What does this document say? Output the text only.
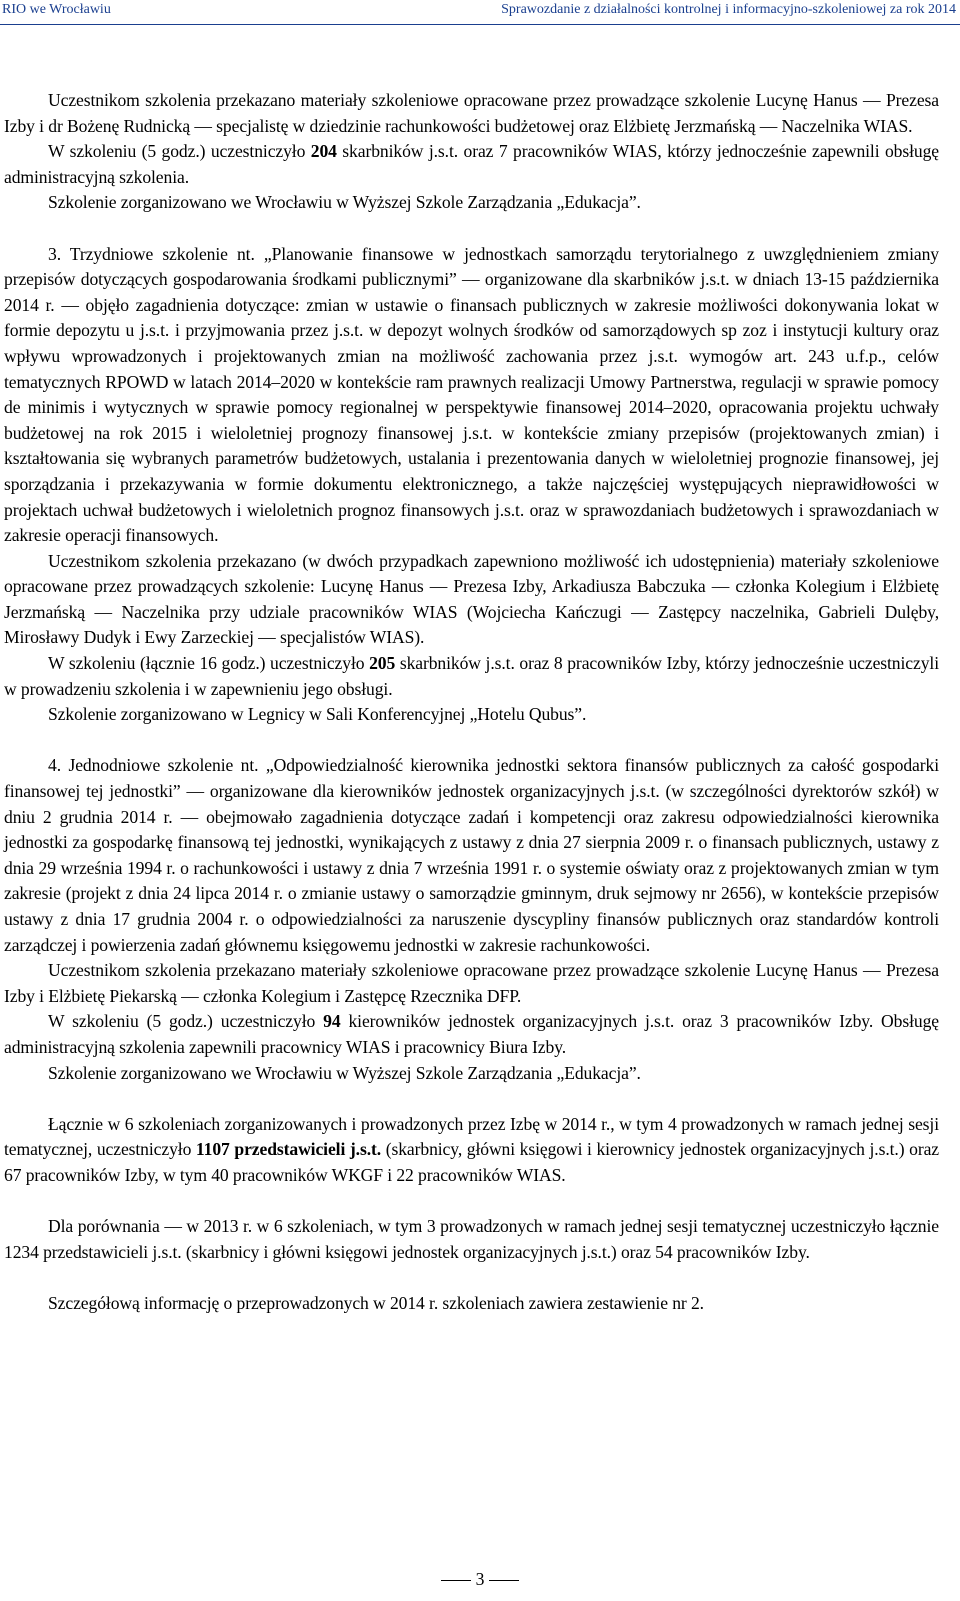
RIO we Wrocławiu	Sprawozdanie z działalności kontrolnej i informacyjno-szkoleniowej za rok 2014

Uczestnikom szkolenia przekazano materiały szkoleniowe opracowane przez prowadzące szkolenie Lucynę Hanus — Prezesa Izby i dr Bożenę Rudnicką — specjalistę w dziedzinie rachunkowości budżetowej oraz Elżbietę Jerzmańską — Naczelnika WIAS.

W szkoleniu (5 godz.) uczestniczyło 204 skarbników j.s.t. oraz 7 pracowników WIAS, którzy jednocześnie zapewnili obsługę administracyjną szkolenia.

Szkolenie zorganizowano we Wrocławiu w Wyższej Szkole Zarządzania „Edukacja”.

3. Trzydniowe szkolenie nt. „Planowanie finansowe w jednostkach samorządu terytorialnego z uwzględnieniem zmiany przepisów dotyczących gospodarowania środkami publicznymi” — organizowane dla skarbników j.s.t. w dniach 13-15 października 2014 r. — objęło zagadnienia dotyczące: zmian w ustawie o finansach publicznych w zakresie możliwości dokonywania lokat w formie depozytu u j.s.t. i przyjmowania przez j.s.t. w depozyt wolnych środków od samorządowych sp zoz i instytucji kultury oraz wpływu wprowadzonych i projektowanych zmian na możliwość zachowania przez j.s.t. wymogów art. 243 u.f.p., celów tematycznych RPOWD w latach 2014–2020 w kontekście ram prawnych realizacji Umowy Partnerstwa, regulacji w sprawie pomocy de minimis i wytycznych w sprawie pomocy regionalnej w perspektywie finansowej 2014–2020, opracowania projektu uchwały budżetowej na rok 2015 i wieloletniej prognozy finansowej j.s.t. w kontekście zmiany przepisów (projektowanych zmian) i kształtowania się wybranych parametrów budżetowych, ustalania i prezentowania danych w wieloletniej prognozie finansowej, jej sporządzania i przekazywania w formie dokumentu elektronicznego, a także najczęściej występujących nieprawidłowości w projektach uchwał budżetowych i wieloletnich prognoz finansowych j.s.t. oraz w sprawozdaniach budżetowych i sprawozdaniach w zakresie operacji finansowych.

Uczestnikom szkolenia przekazano (w dwóch przypadkach zapewniono możliwość ich udostępnienia) materiały szkoleniowe opracowane przez prowadzących szkolenie: Lucynę Hanus — Prezesa Izby, Arkadiusza Babczuka — członka Kolegium i Elżbietę Jerzmańską — Naczelnika przy udziale pracowników WIAS (Wojciecha Kańczugi — Zastępcy naczelnika, Gabrieli Dulęby, Mirosławy Dudyk i Ewy Zarzeckiej — specjalistów WIAS).

W szkoleniu (łącznie 16 godz.) uczestniczyło 205 skarbników j.s.t. oraz 8 pracowników Izby, którzy jednocześnie uczestniczyli w prowadzeniu szkolenia i w zapewnieniu jego obsługi.

Szkolenie zorganizowano w Legnicy w Sali Konferencyjnej „Hotelu Qubus”.

4. Jednodniowe szkolenie nt. „Odpowiedzialność kierownika jednostki sektora finansów publicznych za całość gospodarki finansowej tej jednostki” — organizowane dla kierowników jednostek organizacyjnych j.s.t. (w szczególności dyrektorów szkół) w dniu 2 grudnia 2014 r. — obejmowało zagadnienia dotyczące zadań i kompetencji oraz zakresu odpowiedzialności kierownika jednostki za gospodarkę finansową tej jednostki, wynikających z ustawy z dnia 27 sierpnia 2009 r. o finansach publicznych, ustawy z dnia 29 września 1994 r. o rachunkowości i ustawy z dnia 7 września 1991 r. o systemie oświaty oraz z projektowanych zmian w tym zakresie (projekt z dnia 24 lipca 2014 r. o zmianie ustawy o samorządzie gminnym, druk sejmowy nr 2656), w kontekście przepisów ustawy z dnia 17 grudnia 2004 r. o odpowiedzialności za naruszenie dyscypliny finansów publicznych oraz standardów kontroli zarządczej i powierzenia zadań głównemu księgowemu jednostki w zakresie rachunkowości.

Uczestnikom szkolenia przekazano materiały szkoleniowe opracowane przez prowadzące szkolenie Lucynę Hanus — Prezesa Izby i Elżbietę Piekarską — członka Kolegium i Zastępcę Rzecznika DFP.

W szkoleniu (5 godz.) uczestniczyło 94 kierowników jednostek organizacyjnych j.s.t. oraz 3 pracowników Izby. Obsługę administracyjną szkolenia zapewnili pracownicy WIAS i pracownicy Biura Izby.

Szkolenie zorganizowano we Wrocławiu w Wyższej Szkole Zarządzania „Edukacja”.

Łącznie w 6 szkoleniach zorganizowanych i prowadzonych przez Izbę w 2014 r., w tym 4 prowadzonych w ramach jednej sesji tematycznej, uczestniczyło 1107 przedstawicieli j.s.t. (skarbnicy, główni księgowi i kierownicy jednostek organizacyjnych j.s.t.) oraz 67 pracowników Izby, w tym 40 pracowników WKGF i 22 pracowników WIAS.

Dla porównania — w 2013 r. w 6 szkoleniach, w tym 3 prowadzonych w ramach jednej sesji tematycznej uczestniczyło łącznie 1234 przedstawicieli j.s.t. (skarbnicy i główni księgowi jednostek organizacyjnych j.s.t.) oraz 54 pracowników Izby.

Szczegółową informację o przeprowadzonych w 2014 r. szkoleniach zawiera zestawienie nr 2.

3
